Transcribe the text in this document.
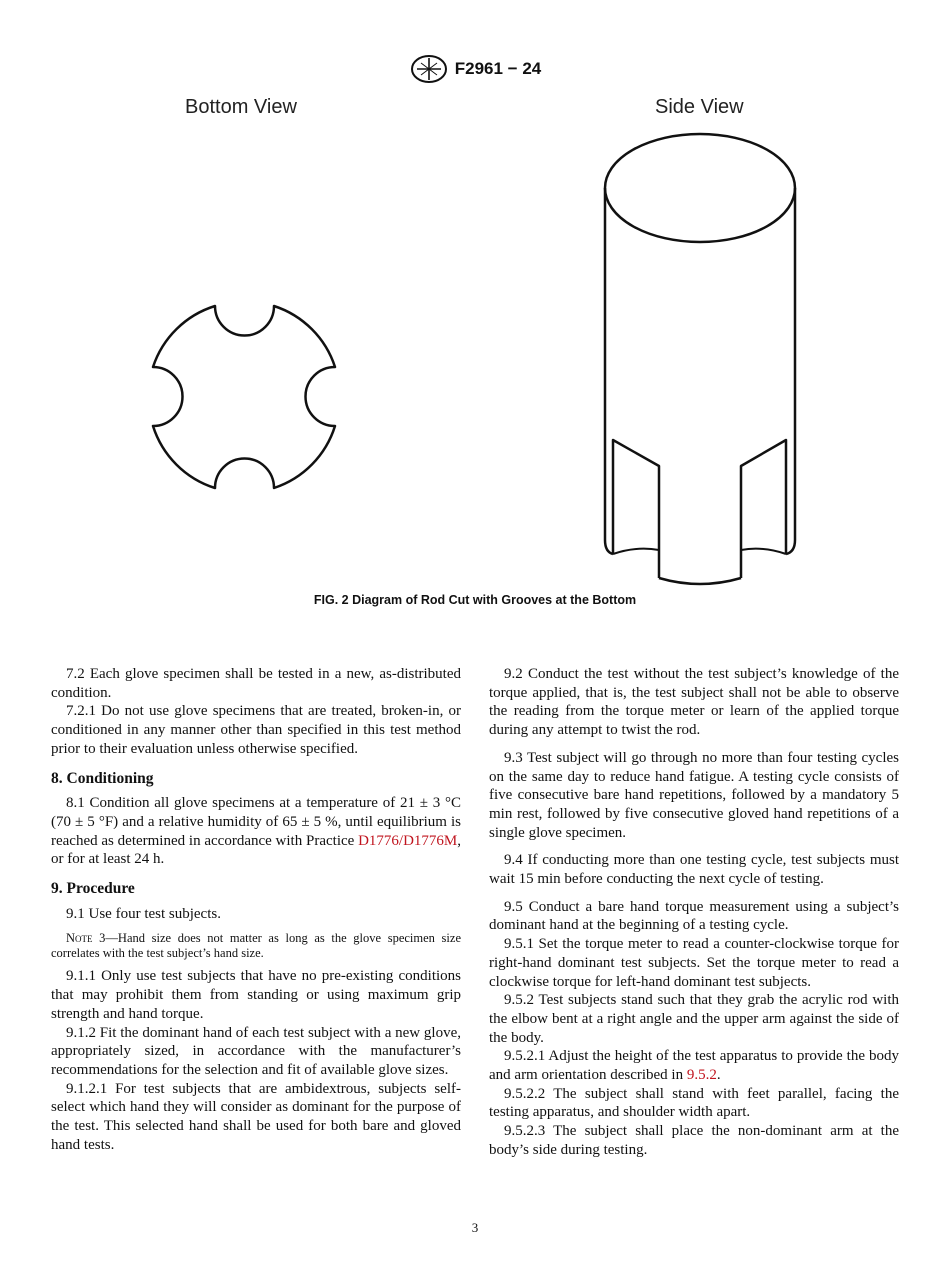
F2961 − 24
Bottom View	Side View
FIG. 2 Diagram of Rod Cut with Grooves at the Bottom

7.2 Each glove specimen shall be tested in a new, as-distributed condition.

7.2.1 Do not use glove specimens that are treated, broken-in, or conditioned in any manner other than specified in this test method prior to their evaluation unless otherwise specified.

8. Conditioning

8.1 Condition all glove specimens at a temperature of 21 ± 3 °C (70 ± 5 °F) and a relative humidity of 65 ± 5 %, until equilibrium is reached as determined in accordance with Practice D1776/D1776M, or for at least 24 h.

9. Procedure

9.1 Use four test subjects.

Note 3—Hand size does not matter as long as the glove specimen size correlates with the test subject’s hand size.

9.1.1 Only use test subjects that have no pre-existing conditions that may prohibit them from standing or using maximum grip strength and hand torque.

9.1.2 Fit the dominant hand of each test subject with a new glove, appropriately sized, in accordance with the manufacturer’s recommendations for the selection and fit of available glove sizes.

9.1.2.1 For test subjects that are ambidextrous, subjects self-select which hand they will consider as dominant for the purpose of the test. This selected hand shall be used for both bare and gloved hand tests.

9.2 Conduct the test without the test subject’s knowledge of the torque applied, that is, the test subject shall not be able to observe the reading from the torque meter or learn of the applied torque during any attempt to twist the rod.

9.3 Test subject will go through no more than four testing cycles on the same day to reduce hand fatigue. A testing cycle consists of five consecutive bare hand repetitions, followed by a mandatory 5 min rest, followed by five consecutive gloved hand repetitions of a single glove specimen.

9.4 If conducting more than one testing cycle, test subjects must wait 15 min before conducting the next cycle of testing.

9.5 Conduct a bare hand torque measurement using a subject’s dominant hand at the beginning of a testing cycle.

9.5.1 Set the torque meter to read a counter-clockwise torque for right-hand dominant test subjects. Set the torque meter to read a clockwise torque for left-hand dominant test subjects.

9.5.2 Test subjects stand such that they grab the acrylic rod with the elbow bent at a right angle and the upper arm against the side of the body.

9.5.2.1 Adjust the height of the test apparatus to provide the body and arm orientation described in 9.5.2.

9.5.2.2 The subject shall stand with feet parallel, facing the testing apparatus, and shoulder width apart.

9.5.2.3 The subject shall place the non-dominant arm at the body’s side during testing.

3
